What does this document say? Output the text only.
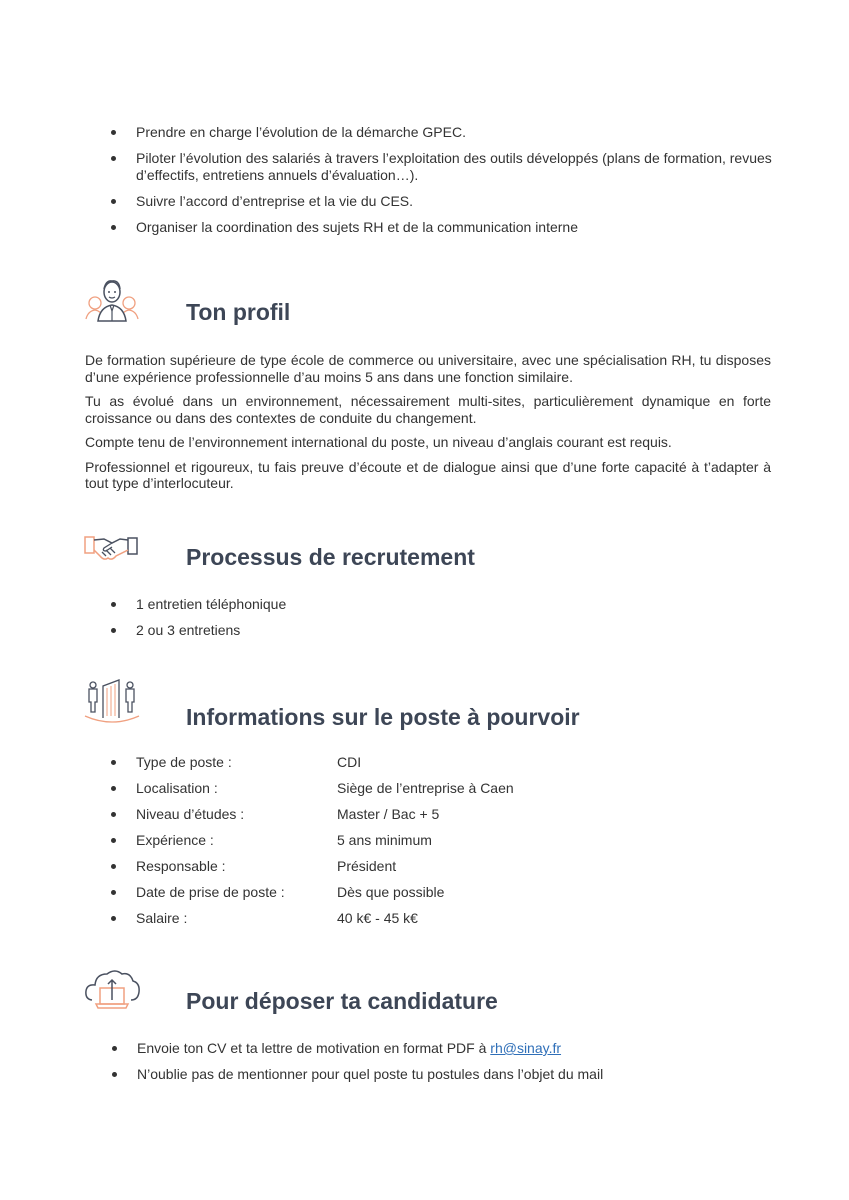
Prendre en charge l’évolution de la démarche GPEC.
Piloter l’évolution des salariés à travers l’exploitation des outils développés (plans de formation, revues d’effectifs, entretiens annuels d’évaluation…).
Suivre l’accord d’entreprise et la vie du CES.
Organiser la coordination des sujets RH et de la communication interne
Ton profil

De formation supérieure de type école de commerce ou universitaire, avec une spécialisation RH, tu disposes d’une expérience professionnelle d’au moins 5 ans dans une fonction similaire.

Tu as évolué dans un environnement, nécessairement multi-sites, particulièrement dynamique en forte croissance ou dans des contextes de conduite du changement.

Compte tenu de l’environnement international du poste, un niveau d’anglais courant est requis.

Professionnel et rigoureux, tu fais preuve d’écoute et de dialogue ainsi que d’une forte capacité à t’adapter à tout type d’interlocuteur.

Processus de recrutement
1 entretien téléphonique
2 ou 3 entretiens
Informations sur le poste à pourvoir
Type de poste :	CDI
Localisation :	Siège de l’entreprise à Caen
Niveau d’études :	Master / Bac + 5
Expérience :	5 ans minimum
Responsable :	Président
Date de prise de poste :	Dès que possible
Salaire :	40 k€ - 45 k€
Pour déposer ta candidature
Envoie ton CV et ta lettre de motivation en format PDF à rh@sinay.fr
N’oublie pas de mentionner pour quel poste tu postules dans l’objet du mail
